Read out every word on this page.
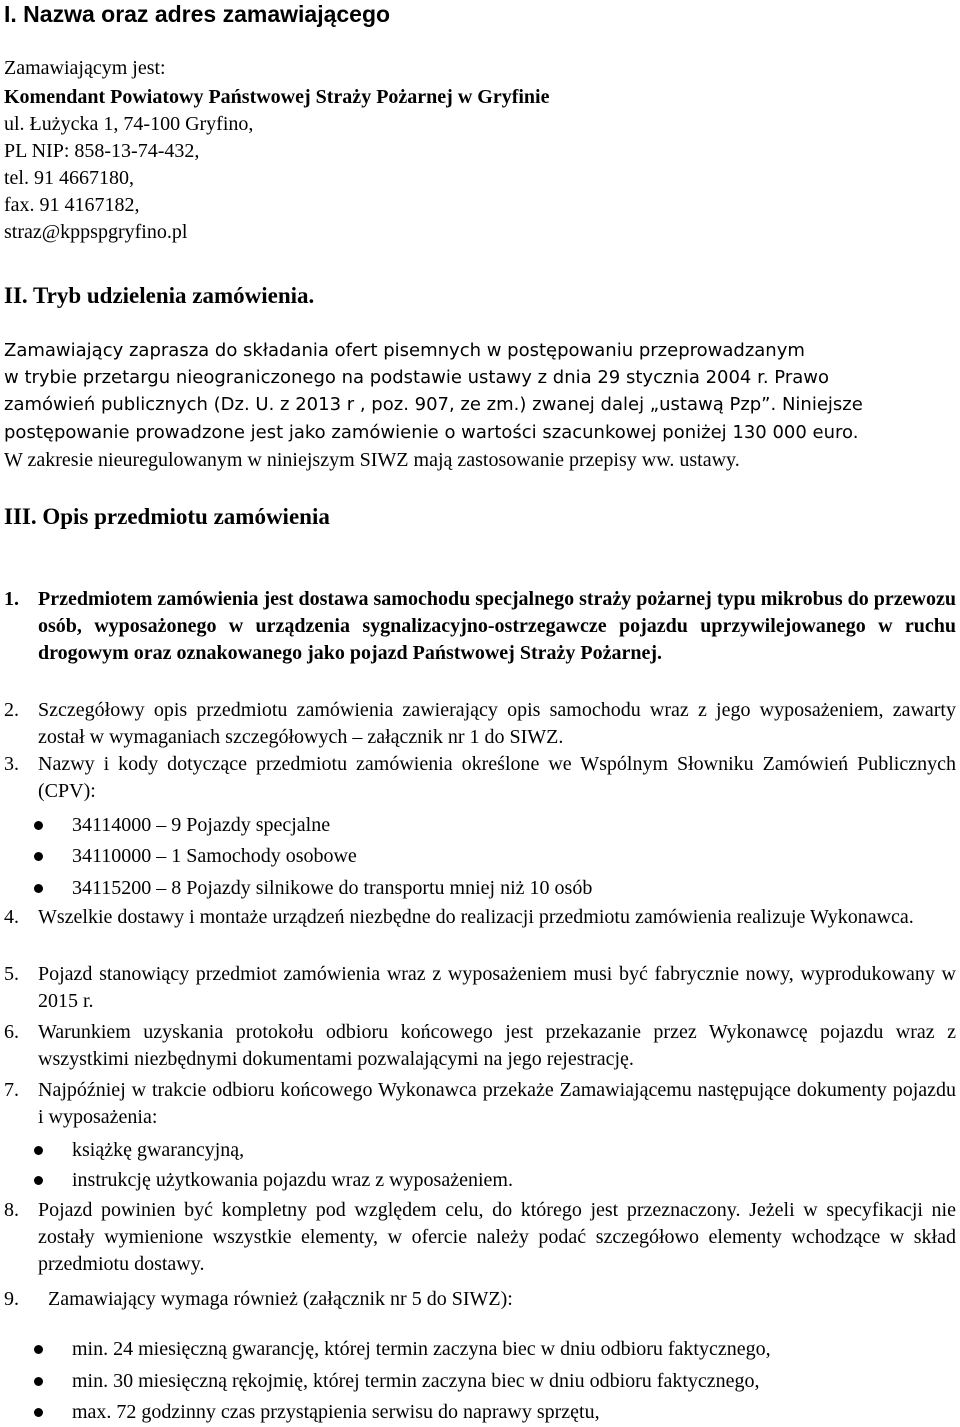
I. Nazwa oraz adres zamawiającego
Zamawiającym jest:
Komendant Powiatowy Państwowej Straży Pożarnej w Gryfinie
ul. Łużycka 1, 74-100 Gryfino,
PL NIP: 858-13-74-432,
tel. 91 4667180,
fax. 91 4167182,
straz@kppspgryfino.pl
II. Tryb udzielenia zamówienia.
Zamawiający zaprasza do składania ofert pisemnych w postępowaniu przeprowadzanym
w trybie przetargu nieograniczonego na podstawie ustawy z dnia 29 stycznia 2004 r. Prawo
zamówień publicznych (Dz. U. z 2013 r , poz. 907, ze zm.) zwanej dalej „ustawą Pzp”. Niniejsze
postępowanie prowadzone jest jako zamówienie o wartości szacunkowej poniżej 130 000 euro.
W zakresie nieuregulowanym w niniejszym SIWZ mają zastosowanie przepisy ww. ustawy.
III. Opis przedmiotu zamówienia
1. Przedmiotem zamówienia jest dostawa samochodu specjalnego straży pożarnej typu mikrobus do przewozu osób, wyposażonego w urządzenia sygnalizacyjno-ostrzegawcze pojazdu uprzywilejowanego w ruchu drogowym oraz oznakowanego jako pojazd Państwowej Straży Pożarnej.
2. Szczegółowy opis przedmiotu zamówienia zawierający opis samochodu wraz z jego wyposażeniem, zawarty został w wymaganiach szczegółowych – załącznik nr 1 do SIWZ.
3. Nazwy i kody dotyczące przedmiotu zamówienia określone we Wspólnym Słowniku Zamówień Publicznych (CPV):
34114000 – 9 Pojazdy specjalne
34110000 – 1 Samochody osobowe
34115200 – 8 Pojazdy silnikowe do transportu mniej niż 10 osób
4. Wszelkie dostawy i montaże urządzeń niezbędne do realizacji przedmiotu zamówienia realizuje Wykonawca.
5. Pojazd stanowiący przedmiot zamówienia wraz z wyposażeniem musi być fabrycznie nowy, wyprodukowany w 2015 r.
6. Warunkiem uzyskania protokołu odbioru końcowego jest przekazanie przez Wykonawcę pojazdu wraz z wszystkimi niezbędnymi dokumentami pozwalającymi na jego rejestrację.
7. Najpóźniej w trakcie odbioru końcowego Wykonawca przekaże Zamawiającemu następujące dokumenty pojazdu i wyposażenia:
książkę gwarancyjną,
instrukcję użytkowania pojazdu wraz z wyposażeniem.
8. Pojazd powinien być kompletny pod względem celu, do którego jest przeznaczony. Jeżeli w specyfikacji nie zostały wymienione wszystkie elementy, w ofercie należy podać szczegółowo elementy wchodzące w skład przedmiotu dostawy.
9. Zamawiający wymaga również (załącznik nr 5 do SIWZ):
min. 24 miesięczną gwarancję, której termin zaczyna biec w dniu odbioru faktycznego,
min. 30 miesięczną rękojmię, której termin zaczyna biec w dniu odbioru faktycznego,
max. 72 godzinny czas przystąpienia serwisu do naprawy sprzętu,
